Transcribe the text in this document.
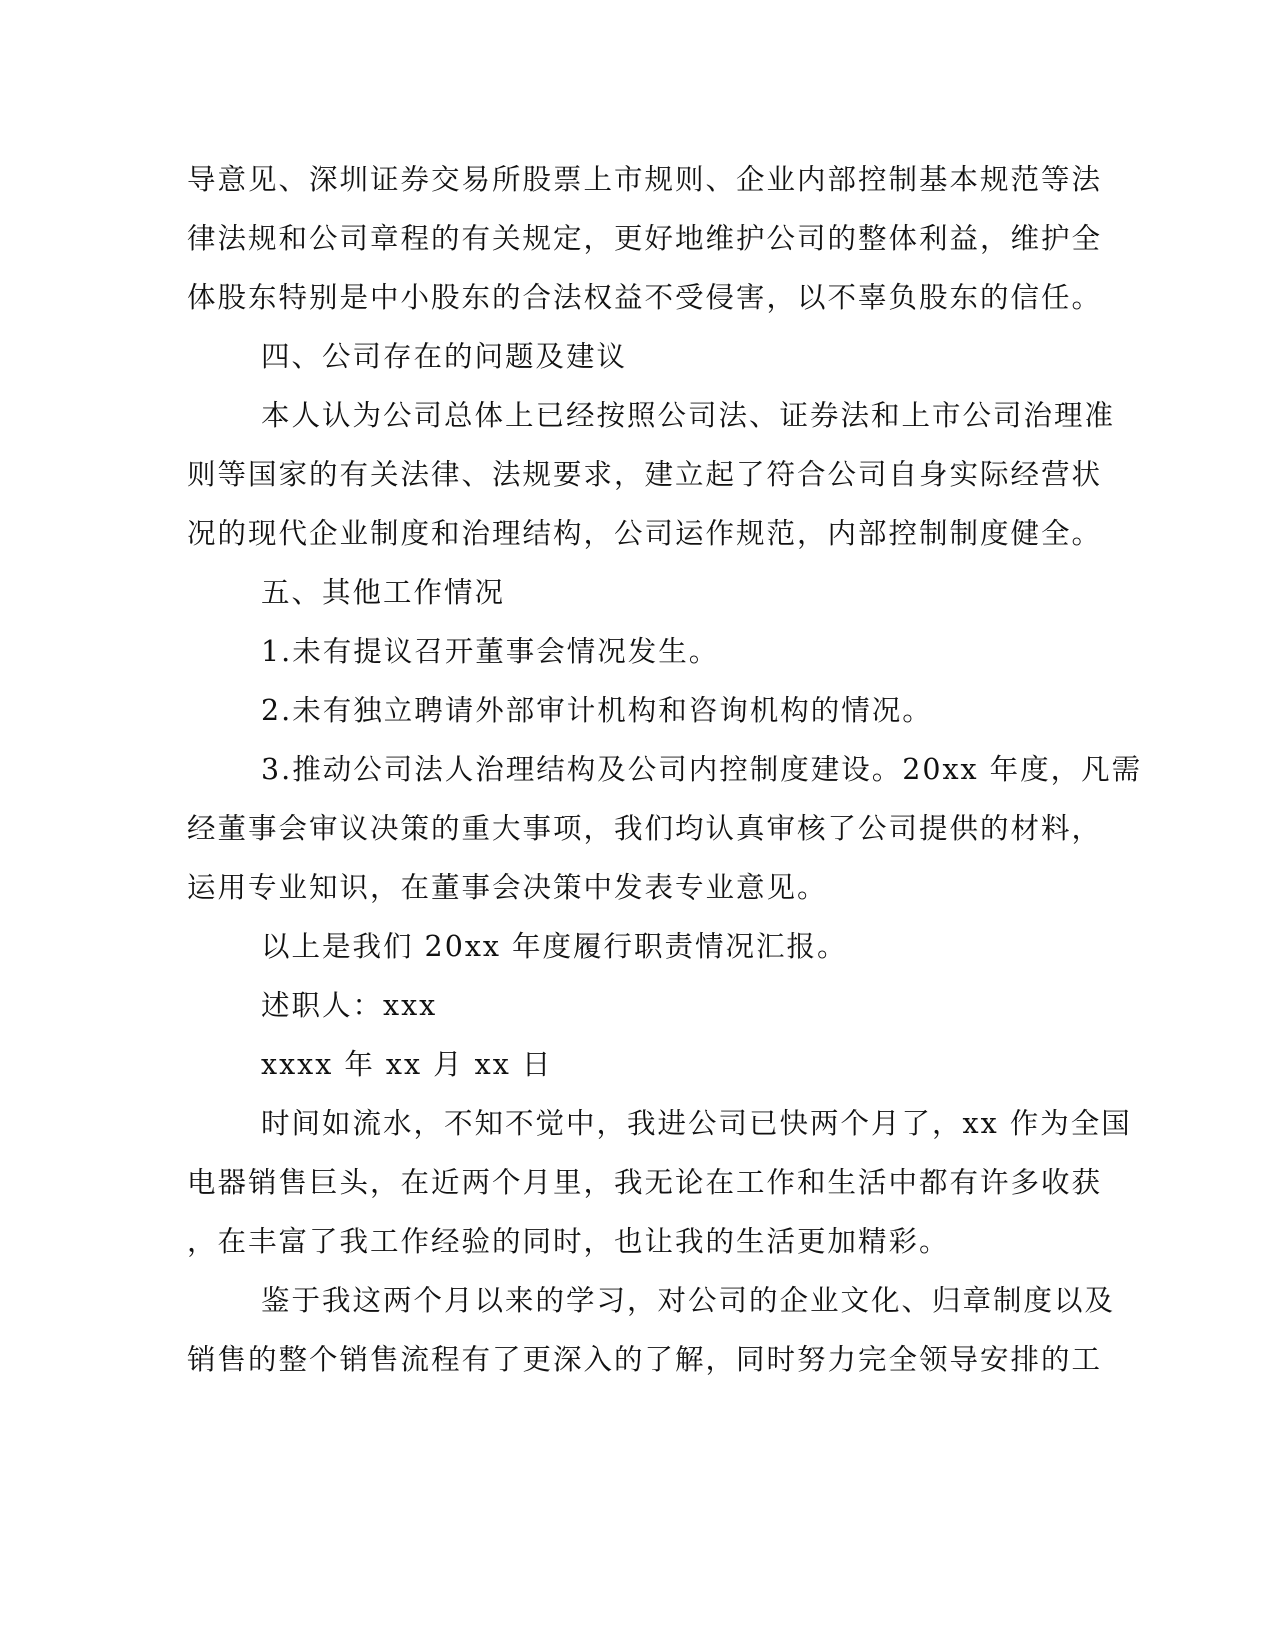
导意见、深圳证券交易所股票上市规则、企业内部控制基本规范等法
律法规和公司章程的有关规定，更好地维护公司的整体利益，维护全
体股东特别是中小股东的合法权益不受侵害，以不辜负股东的信任。
四、公司存在的问题及建议
本人认为公司总体上已经按照公司法、证券法和上市公司治理准
则等国家的有关法律、法规要求，建立起了符合公司自身实际经营状
况的现代企业制度和治理结构，公司运作规范，内部控制制度健全。
五、其他工作情况
1.未有提议召开董事会情况发生。
2.未有独立聘请外部审计机构和咨询机构的情况。
3.推动公司法人治理结构及公司内控制度建设。20xx 年度，凡需
经董事会审议决策的重大事项，我们均认真审核了公司提供的材料，
运用专业知识，在董事会决策中发表专业意见。
以上是我们 20xx 年度履行职责情况汇报。
述职人：xxx
xxxx 年 xx 月 xx 日
时间如流水，不知不觉中，我进公司已快两个月了，xx 作为全国
电器销售巨头，在近两个月里，我无论在工作和生活中都有许多收获
，在丰富了我工作经验的同时，也让我的生活更加精彩。
鉴于我这两个月以来的学习，对公司的企业文化、归章制度以及
销售的整个销售流程有了更深入的了解，同时努力完全领导安排的工
